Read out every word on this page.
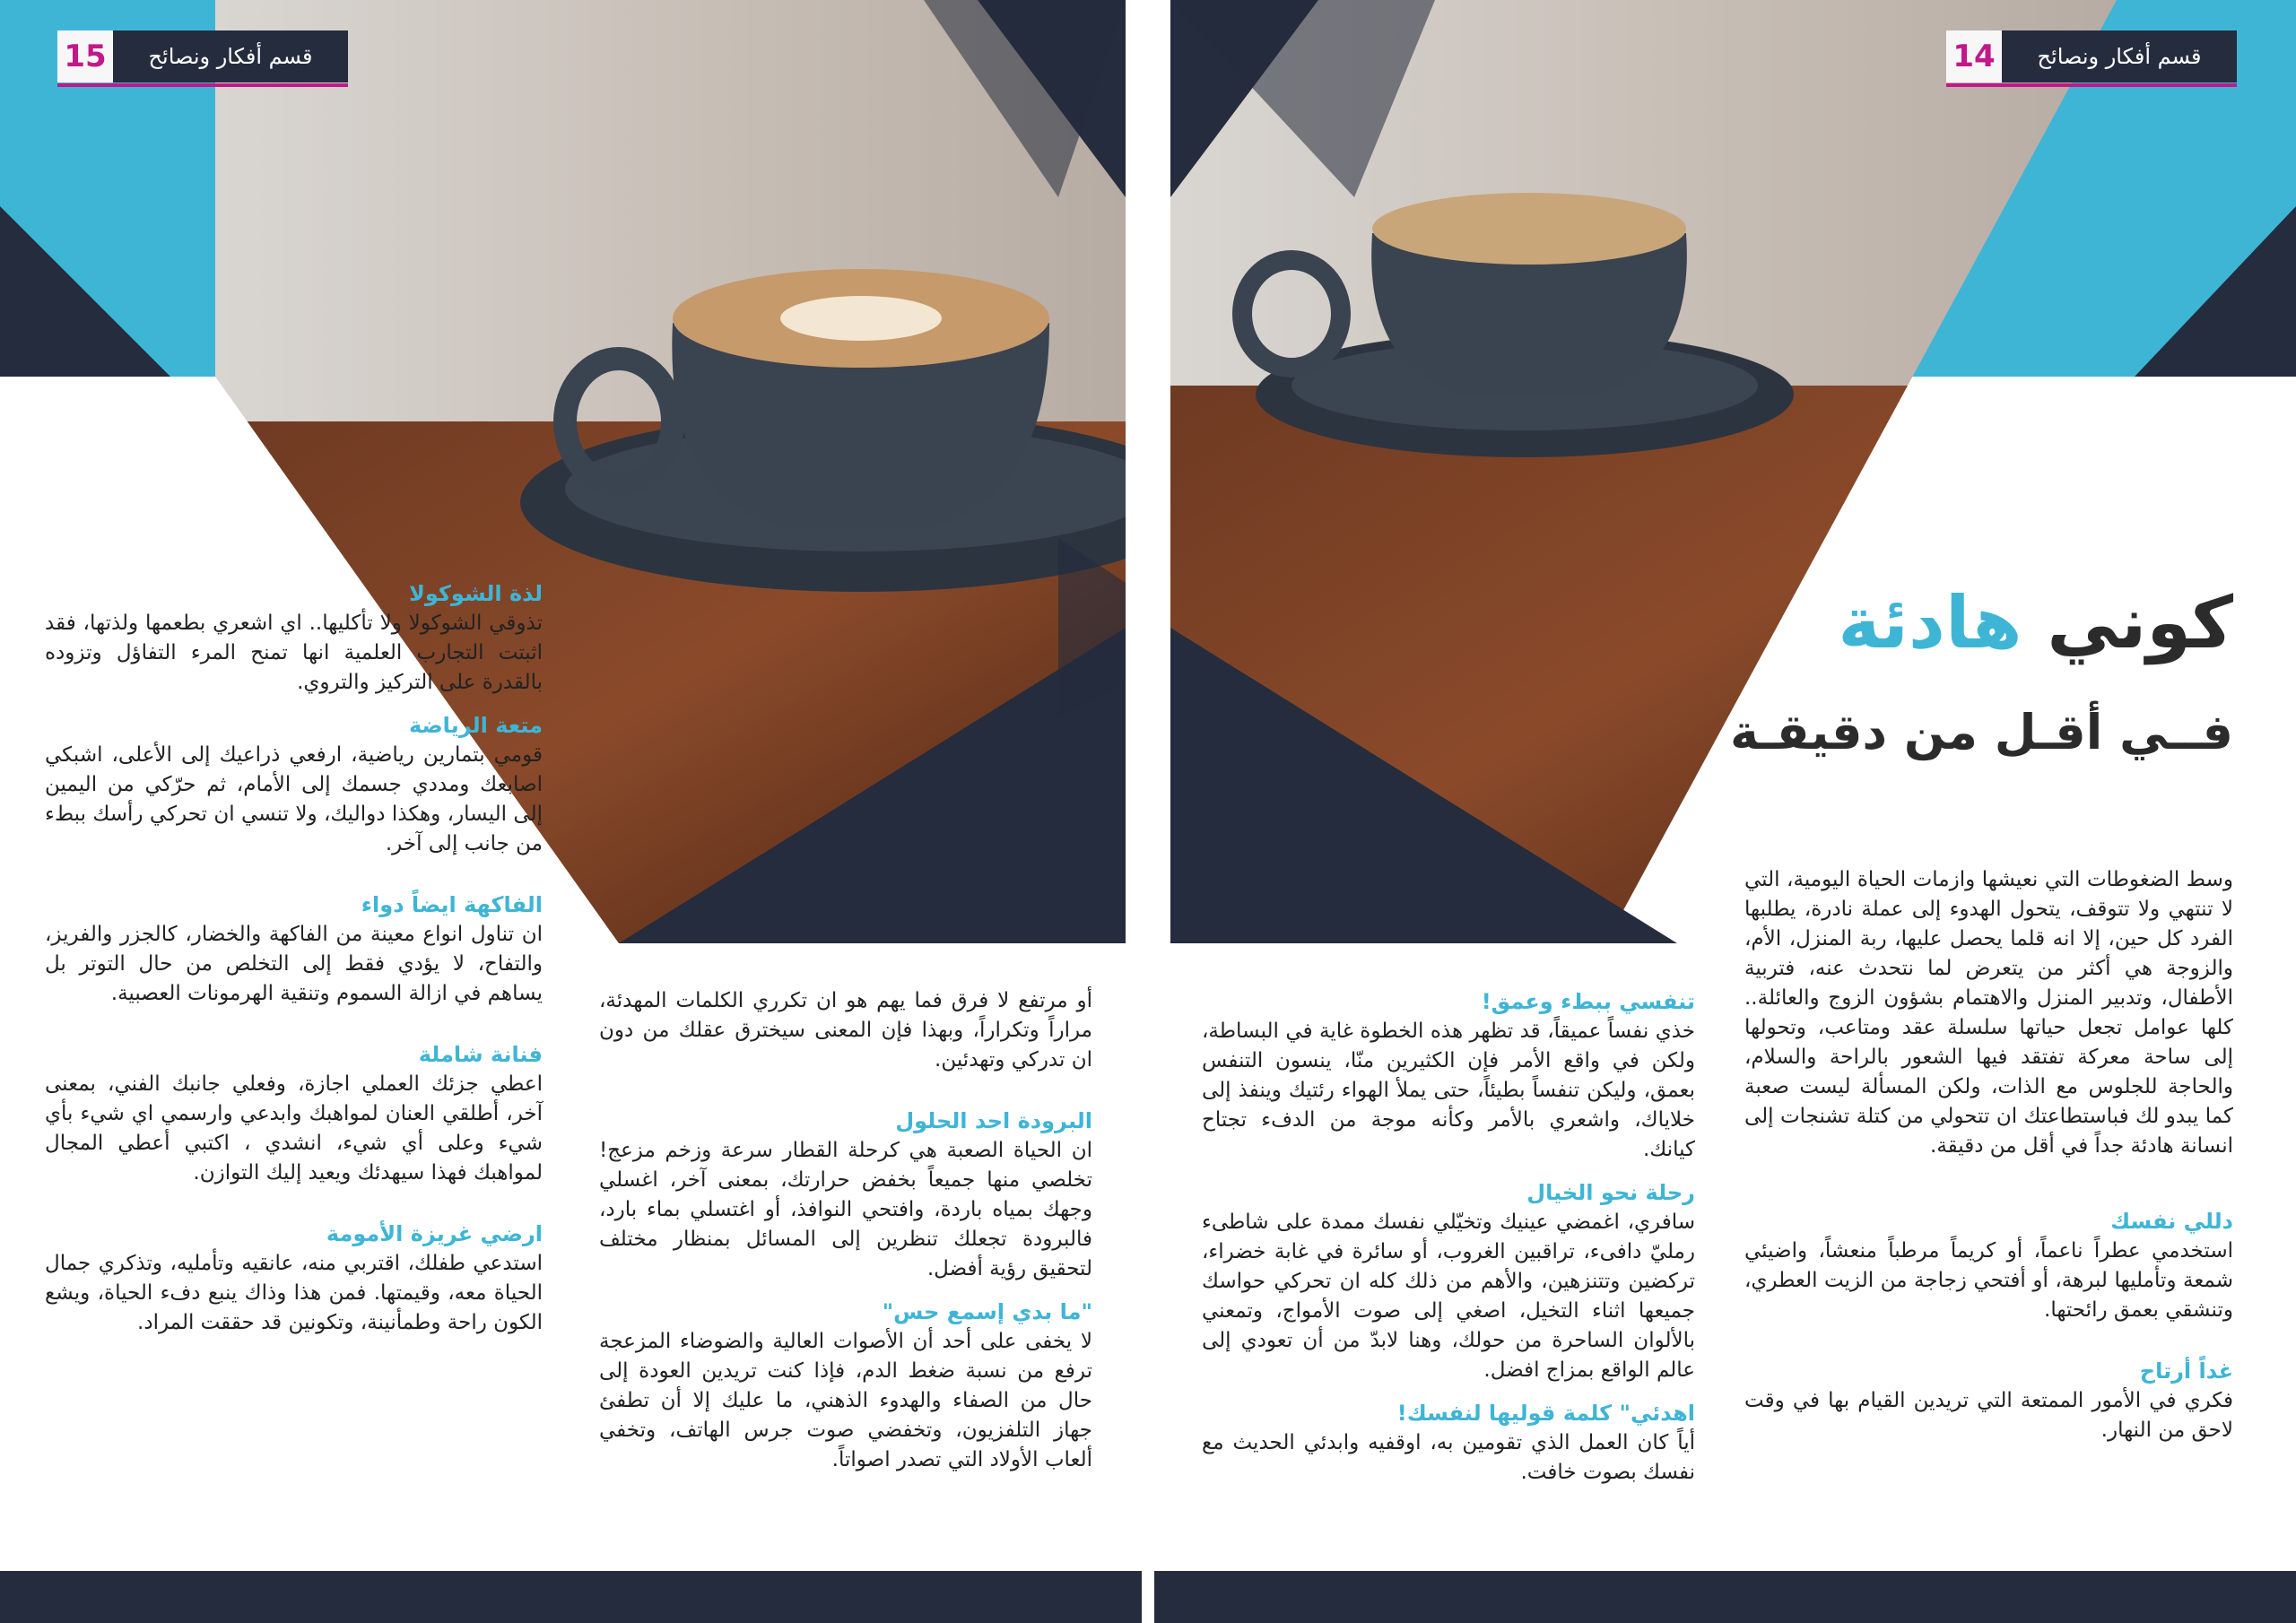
15	قسم أفكار ونصائح	14	قسم أفكار ونصائح
كوني هادئة
فــي أقـل من دقيقـة

وسط الضغوطات التي نعيشها وازمات الحياة اليومية، التي لا تنتهي ولا تتوقف، يتحول الهدوء إلى عملة نادرة، يطلبها الفرد كل حين، إلا انه قلما يحصل عليها، ربة المنزل، الأم، والزوجة هي أكثر من يتعرض لما نتحدث عنه، فتربية الأطفال، وتدبير المنزل والاهتمام بشؤون الزوج والعائلة.. كلها عوامل تجعل حياتها سلسلة عقد ومتاعب، وتحولها إلى ساحة معركة تفتقد فيها الشعور بالراحة والسلام، والحاجة للجلوس مع الذات، ولكن المسألة ليست صعبة كما يبدو لك فباستطاعتك ان تتحولي من كتلة تشنجات إلى انسانة هادئة جداً في أقل من دقيقة.

دللي نفسك

استخدمي عطراً ناعماً، أو كريماً مرطباً منعشاً، واضيئي شمعة وتأمليها لبرهة، أو أفتحي زجاجة من الزيت العطري، وتنشقي بعمق رائحتها.

غداً أرتاح

فكري في الأمور الممتعة التي تريدين القيام بها في وقت لاحق من النهار.

تنفسي ببطء وعمق!

خذي نفساً عميقاً، قد تظهر هذه الخطوة غاية في البساطة، ولكن في واقع الأمر فإن الكثيرين منّا، ينسون التنفس بعمق، وليكن تنفساً بطيئاً، حتى يملأ الهواء رئتيك وينفذ إلى خلاياك، واشعري بالأمر وكأنه موجة من الدفء تجتاح كيانك.

رحلة نحو الخيال

سافري، اغمضي عينيك وتخيّلي نفسك ممدة على شاطىء رمليّ دافىء، تراقبين الغروب، أو سائرة في غابة خضراء، تركضين وتتنزهين، والأهم من ذلك كله ان تحركي حواسك جميعها اثناء التخيل، اصغي إلى صوت الأمواج، وتمعني بالألوان الساحرة من حولك، وهنا لابدّ من أن تعودي إلى عالم الواقع بمزاج افضل.

اهدئي" كلمة قوليها لنفسك!

أياً كان العمل الذي تقومين به، اوقفيه وابدئي الحديث مع نفسك بصوت خافت.

أو مرتفع لا فرق فما يهم هو ان تكرري الكلمات المهدئة، مراراً وتكراراً، وبهذا فإن المعنى سيخترق عقلك من دون ان تدركي وتهدئين.

البرودة احد الحلول

ان الحياة الصعبة هي كرحلة القطار سرعة وزخم مزعج! تخلصي منها جميعاً بخفض حرارتك، بمعنى آخر، اغسلي وجهك بمياه باردة، وافتحي النوافذ، أو اغتسلي بماء بارد، فالبرودة تجعلك تنظرين إلى المسائل بمنظار مختلف لتحقيق رؤية أفضل.

"ما بدي إسمع حس"

لا يخفى على أحد أن الأصوات العالية والضوضاء المزعجة ترفع من نسبة ضغط الدم، فإذا كنت تريدين العودة إلى حال من الصفاء والهدوء الذهني، ما عليك إلا أن تطفئ جهاز التلفزيون، وتخفضي صوت جرس الهاتف، وتخفي ألعاب الأولاد التي تصدر اصواتاً.

لذة الشوكولا

تذوقي الشوكولا ولا تأكليها.. اي اشعري بطعمها ولذتها، فقد اثبتت التجارب العلمية انها تمنح المرء التفاؤل وتزوده بالقدرة على التركيز والتروي.

متعة الرياضة

قومي بتمارين رياضية، ارفعي ذراعيك إلى الأعلى، اشبكي اصابعك ومددي جسمك إلى الأمام، ثم حرّكي من اليمين إلى اليسار، وهكذا دواليك، ولا تنسي ان تحركي رأسك ببطء من جانب إلى آخر.

الفاكهة ايضاً دواء

ان تناول انواع معينة من الفاكهة والخضار، كالجزر والفريز، والتفاح، لا يؤدي فقط إلى التخلص من حال التوتر بل يساهم في ازالة السموم وتنقية الهرمونات العصبية.

فنانة شاملة

اعطي جزئك العملي اجازة، وفعلي جانبك الفني، بمعنى آخر، أطلقي العنان لمواهبك وابدعي وارسمي اي شيء بأي شيء وعلى أي شيء، انشدي ، اكتبي أعطي المجال لمواهبك فهذا سيهدئك ويعيد إليك التوازن.

ارضي غريزة الأمومة

استدعي طفلك، اقتربي منه، عانقيه وتأمليه، وتذكري جمال الحياة معه، وقيمتها. فمن هذا وذاك ينبع دفء الحياة، ويشع الكون راحة وطمأنينة، وتكونين قد حققت المراد.
